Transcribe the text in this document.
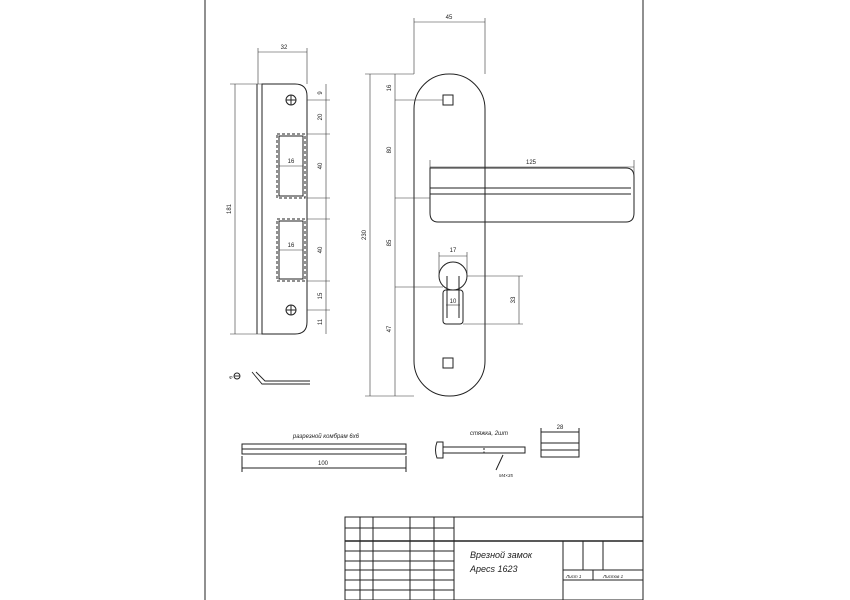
32
181
9
20
40
40
15
11
16
16
Ф
45
230
16
80
85
47
125
17
10	33
разрезной комбрам 6x6
100
стяжка, 2шт
M4×35
28
Врезной замок
Apecs 1623
Лист 1	Листов 1
